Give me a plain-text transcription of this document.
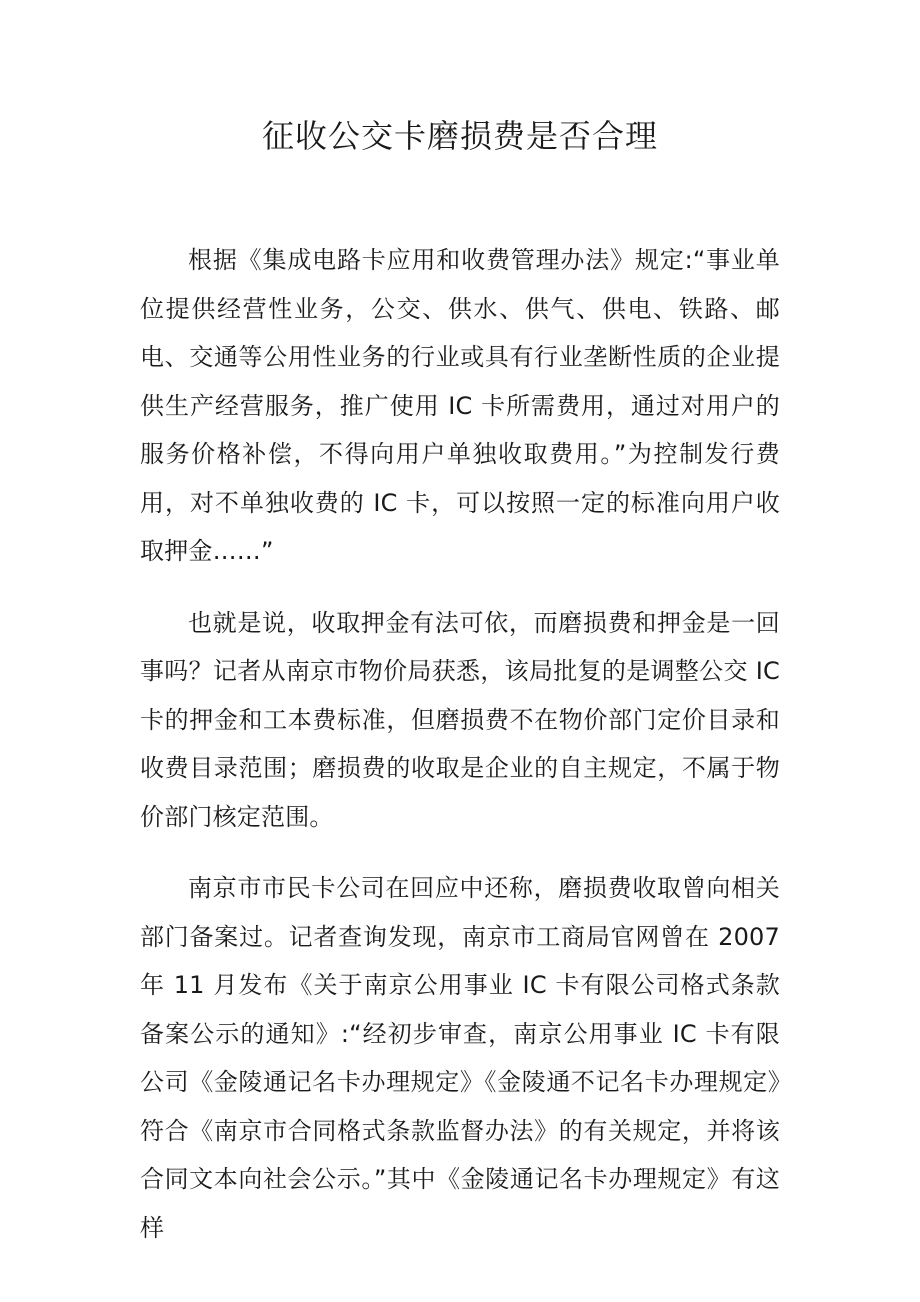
征收公交卡磨损费是否合理

根据《集成电路卡应用和收费管理办法》规定:“事业单位提供经营性业务，公交、供水、供气、供电、铁路、邮电、交通等公用性业务的行业或具有行业垄断性质的企业提供生产经营服务，推广使用 IC 卡所需费用，通过对用户的服务价格补偿，不得向用户单独收取费用。”为控制发行费用，对不单独收费的 IC 卡，可以按照一定的标准向用户收取押金……”

也就是说，收取押金有法可依，而磨损费和押金是一回事吗？记者从南京市物价局获悉，该局批复的是调整公交 IC 卡的押金和工本费标准，但磨损费不在物价部门定价目录和收费目录范围；磨损费的收取是企业的自主规定，不属于物价部门核定范围。

南京市市民卡公司在回应中还称，磨损费收取曾向相关部门备案过。记者查询发现，南京市工商局官网曾在 2007 年 11 月发布《关于南京公用事业 IC 卡有限公司格式条款备案公示的通知》:“经初步审查，南京公用事业 IC 卡有限公司《金陵通记名卡办理规定》《金陵通不记名卡办理规定》符合《南京市合同格式条款监督办法》的有关规定，并将该合同文本向社会公示。”其中《金陵通记名卡办理规定》有这样
